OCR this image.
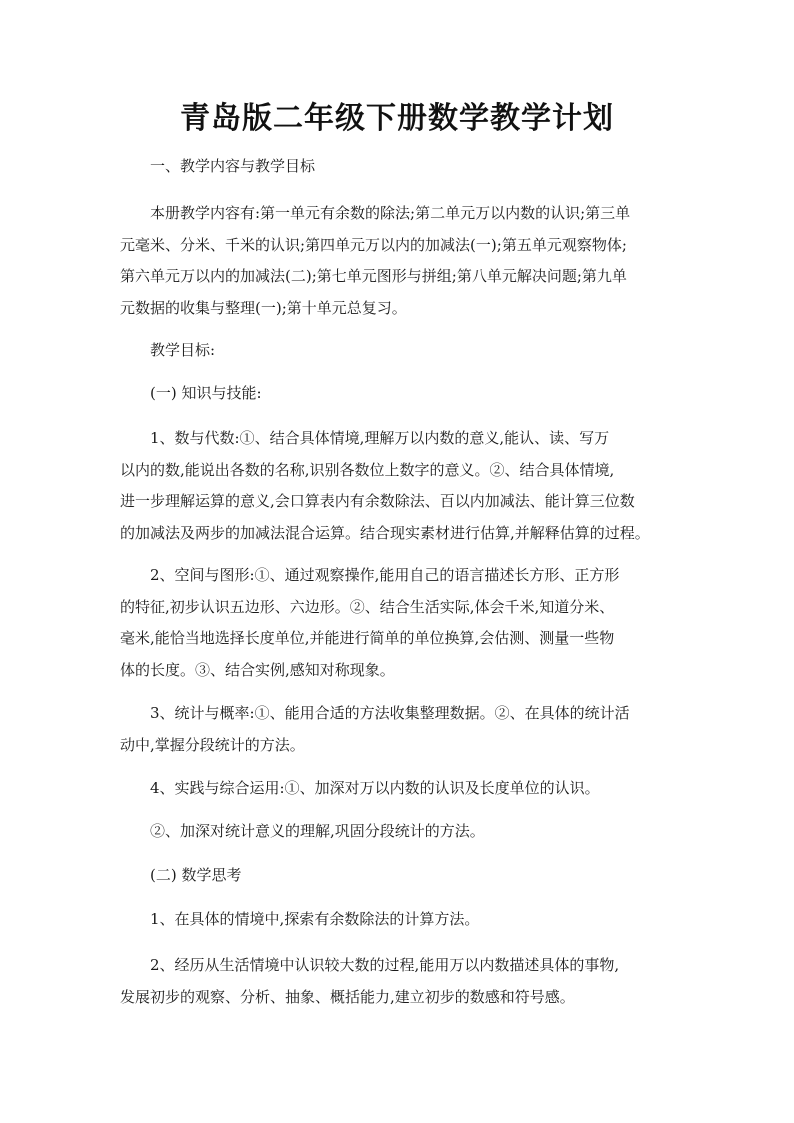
青岛版二年级下册数学教学计划
一、教学内容与教学目标
本册教学内容有:第一单元有余数的除法;第二单元万以内数的认识;第三单
元毫米、分米、千米的认识;第四单元万以内的加减法(一);第五单元观察物体;
第六单元万以内的加减法(二);第七单元图形与拼组;第八单元解决问题;第九单
元数据的收集与整理(一);第十单元总复习。
教学目标:
(一) 知识与技能:
1、数与代数:①、结合具体情境,理解万以内数的意义,能认、读、写万
以内的数,能说出各数的名称,识别各数位上数字的意义。②、结合具体情境,
进一步理解运算的意义,会口算表内有余数除法、百以内加减法、能计算三位数
的加减法及两步的加减法混合运算。结合现实素材进行估算,并解释估算的过程。
2、空间与图形:①、通过观察操作,能用自己的语言描述长方形、正方形
的特征,初步认识五边形、六边形。②、结合生活实际,体会千米,知道分米、
毫米,能恰当地选择长度单位,并能进行简单的单位换算,会估测、测量一些物
体的长度。③、结合实例,感知对称现象。
3、统计与概率:①、能用合适的方法收集整理数据。②、在具体的统计活
动中,掌握分段统计的方法。
4、实践与综合运用:①、加深对万以内数的认识及长度单位的认识。
②、加深对统计意义的理解,巩固分段统计的方法。
(二) 数学思考
1、在具体的情境中,探索有余数除法的计算方法。
2、经历从生活情境中认识较大数的过程,能用万以内数描述具体的事物,
发展初步的观察、分析、抽象、概括能力,建立初步的数感和符号感。
